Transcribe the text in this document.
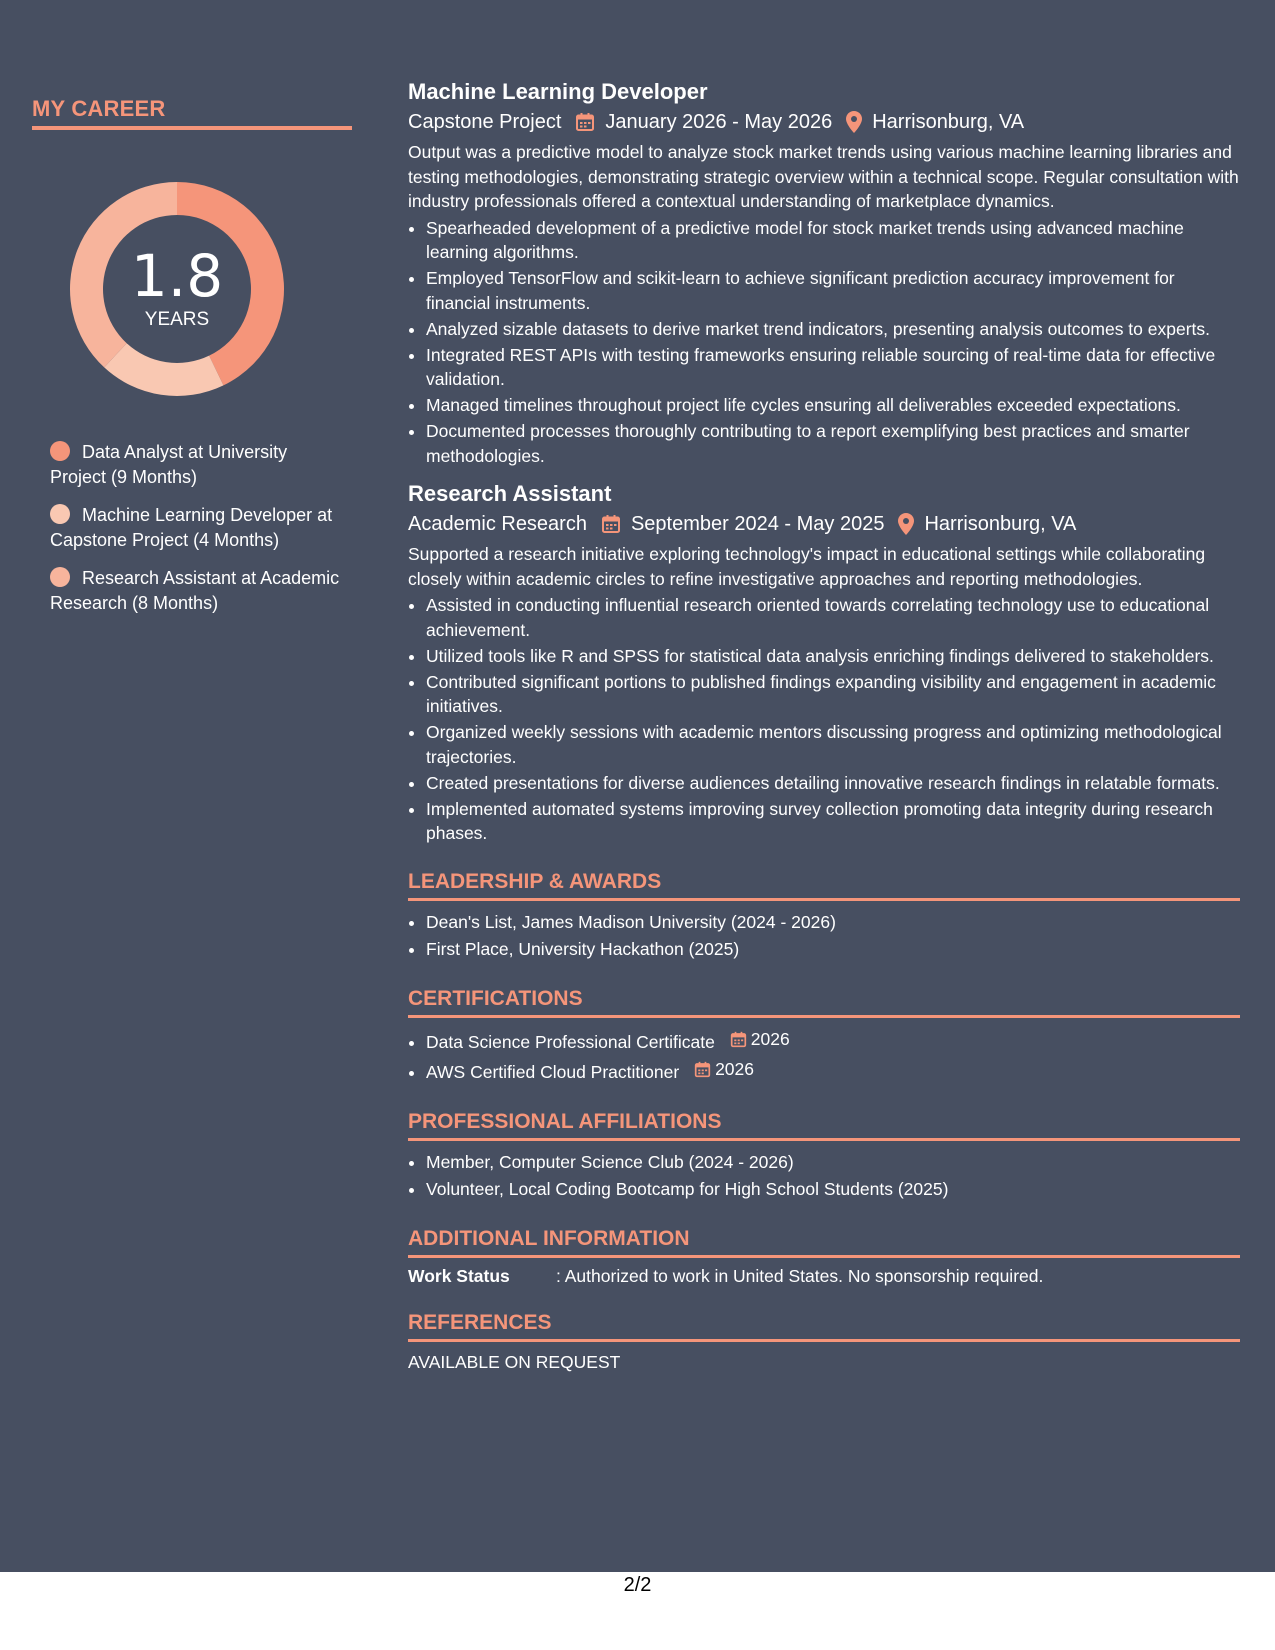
MY CAREER
1.8
YEARS
Data Analyst at University Project (9 Months)
Machine Learning Developer at Capstone Project (4 Months)
Research Assistant at Academic Research (8 Months)
Machine Learning Developer
Capstone Project January 2026 - May 2026 Harrisonburg, VA

Output was a predictive model to analyze stock market trends using various machine learning libraries and testing methodologies, demonstrating strategic overview within a technical scope. Regular consultation with industry professionals offered a contextual understanding of marketplace dynamics.

• Spearheaded development of a predictive model for stock market trends using advanced machine learning algorithms.
• Employed TensorFlow and scikit-learn to achieve significant prediction accuracy improvement for financial instruments.
• Analyzed sizable datasets to derive market trend indicators, presenting analysis outcomes to experts.
• Integrated REST APIs with testing frameworks ensuring reliable sourcing of real-time data for effective validation.
• Managed timelines throughout project life cycles ensuring all deliverables exceeded expectations.
• Documented processes thoroughly contributing to a report exemplifying best practices and smarter methodologies.
Research Assistant
Academic Research September 2024 - May 2025 Harrisonburg, VA

Supported a research initiative exploring technology's impact in educational settings while collaborating closely within academic circles to refine investigative approaches and reporting methodologies.

• Assisted in conducting influential research oriented towards correlating technology use to educational achievement.
• Utilized tools like R and SPSS for statistical data analysis enriching findings delivered to stakeholders.
• Contributed significant portions to published findings expanding visibility and engagement in academic initiatives.
• Organized weekly sessions with academic mentors discussing progress and optimizing methodological trajectories.
• Created presentations for diverse audiences detailing innovative research findings in relatable formats.
• Implemented automated systems improving survey collection promoting data integrity during research phases.
LEADERSHIP & AWARDS
• Dean's List, James Madison University (2024 - 2026)
• First Place, University Hackathon (2025)
CERTIFICATIONS
• Data Science Professional Certificate 2026
• AWS Certified Cloud Practitioner 2026
PROFESSIONAL AFFILIATIONS
• Member, Computer Science Club (2024 - 2026)
• Volunteer, Local Coding Bootcamp for High School Students (2025)
ADDITIONAL INFORMATION
Work Status	: Authorized to work in United States. No sponsorship required.
REFERENCES
AVAILABLE ON REQUEST
2/2
